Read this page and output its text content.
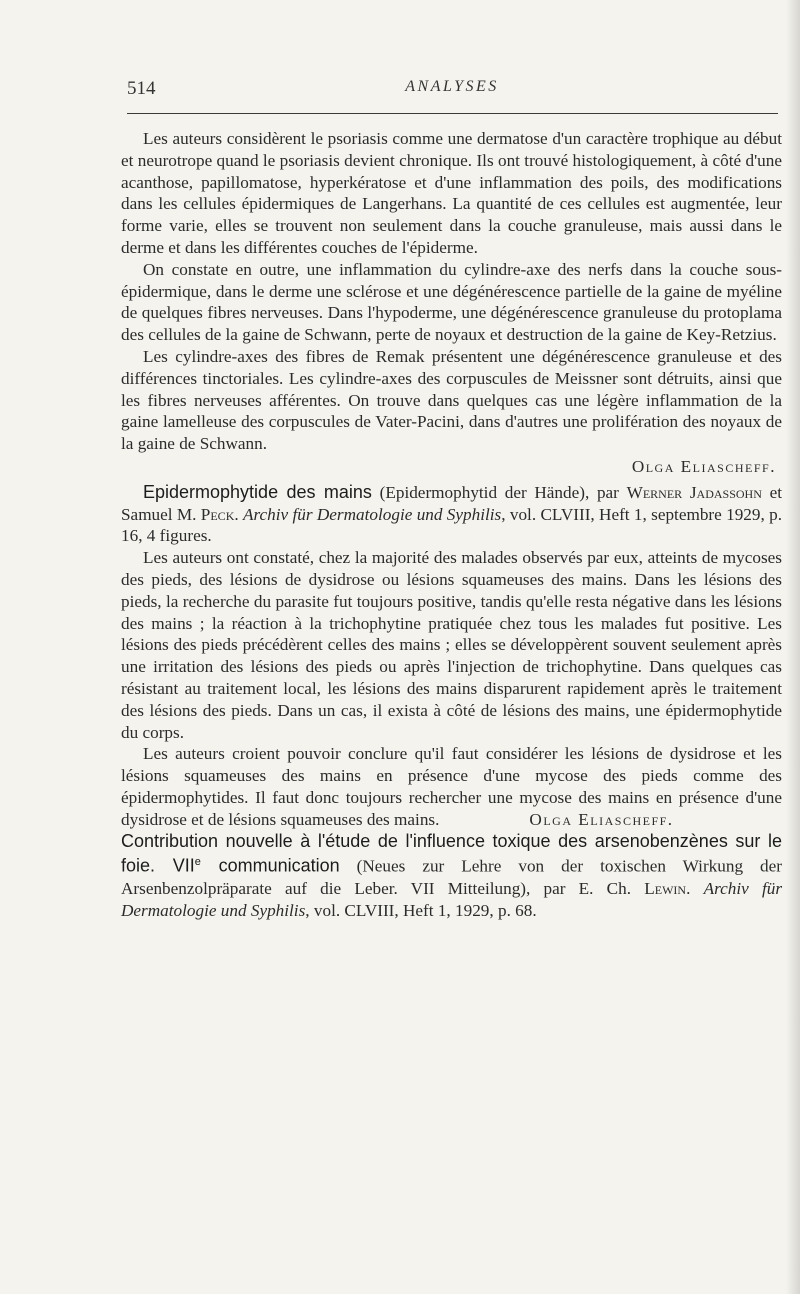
514	ANALYSES

Les auteurs considèrent le psoriasis comme une dermatose d'un caractère trophique au début et neurotrope quand le psoriasis devient chronique. Ils ont trouvé histologiquement, à côté d'une acanthose, papillomatose, hyperkératose et d'une inflammation des poils, des modifications dans les cellules épidermiques de Langerhans. La quantité de ces cellules est augmentée, leur forme varie, elles se trouvent non seulement dans la couche granuleuse, mais aussi dans le derme et dans les différentes couches de l'épiderme.

On constate en outre, une inflammation du cylindre-axe des nerfs dans la couche sous-épidermique, dans le derme une sclérose et une dégénérescence partielle de la gaine de myéline de quelques fibres nerveuses. Dans l'hypoderme, une dégénérescence granuleuse du protoplama des cellules de la gaine de Schwann, perte de noyaux et destruction de la gaine de Key-Retzius.

Les cylindre-axes des fibres de Remak présentent une dégénérescence granuleuse et des différences tinctoriales. Les cylindre-axes des corpuscules de Meissner sont détruits, ainsi que les fibres nerveuses afférentes. On trouve dans quelques cas une légère inflammation de la gaine lamelleuse des corpuscules de Vater-Pacini, dans d'autres une prolifération des noyaux de la gaine de Schwann.

Olga Eliascheff.

Epidermophytide des mains (Epidermophytid der Hände), par Werner Jadassohn et Samuel M. Peck. Archiv für Dermatologie und Syphilis, vol. CLVIII, Heft 1, septembre 1929, p. 16, 4 figures.

Les auteurs ont constaté, chez la majorité des malades observés par eux, atteints de mycoses des pieds, des lésions de dysidrose ou lésions squameuses des mains. Dans les lésions des pieds, la recherche du parasite fut toujours positive, tandis qu'elle resta négative dans les lésions des mains ; la réaction à la trichophytine pratiquée chez tous les malades fut positive. Les lésions des pieds précédèrent celles des mains ; elles se développèrent souvent seulement après une irritation des lésions des pieds ou après l'injection de trichophytine. Dans quelques cas résistant au traitement local, les lésions des mains disparurent rapidement après le traitement des lésions des pieds. Dans un cas, il exista à côté de lésions des mains, une épidermophytide du corps.

Les auteurs croient pouvoir conclure qu'il faut considérer les lésions de dysidrose et les lésions squameuses des mains en présence d'une mycose des pieds comme des épidermophytides. Il faut donc toujours rechercher une mycose des mains en présence d'une dysidrose et de lésions squameuses des mains.	Olga Eliascheff.

Contribution nouvelle à l'étude de l'influence toxique des arsenobenzènes sur le foie. VIIe communication (Neues zur Lehre von der toxischen Wirkung der Arsenbenzolpräparate auf die Leber. VII Mitteilung), par E. Ch. Lewin. Archiv für Dermatologie und Syphilis, vol. CLVIII, Heft 1, 1929, p. 68.
